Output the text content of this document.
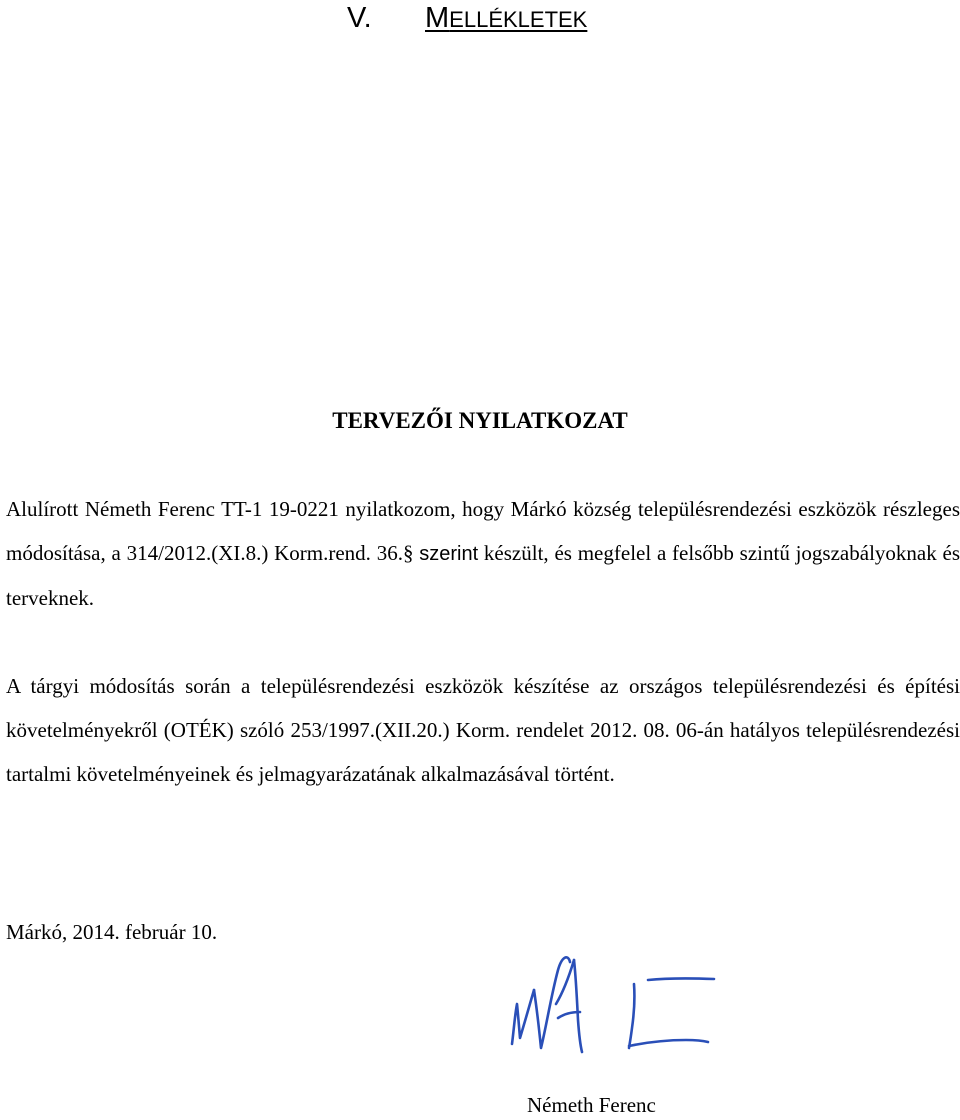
V. MELLÉKLETEK
TERVEZŐI NYILATKOZAT

Alulírott Németh Ferenc TT-1 19-0221 nyilatkozom, hogy Márkó község településrendezési eszközök részleges módosítása, a 314/2012.(XI.8.) Korm.rend. 36.§ szerint készült, és megfelel a felsőbb szintű jogszabályoknak és terveknek.

A tárgyi módosítás során a településrendezési eszközök készítése az országos településrendezési és építési követelményekről (OTÉK) szóló 253/1997.(XII.20.) Korm. rendelet 2012. 08. 06-án hatályos településrendezési tartalmi követelményeinek és jelmagyarázatának alkalmazásával történt.

Márkó, 2014. február 10.
Németh Ferenc
